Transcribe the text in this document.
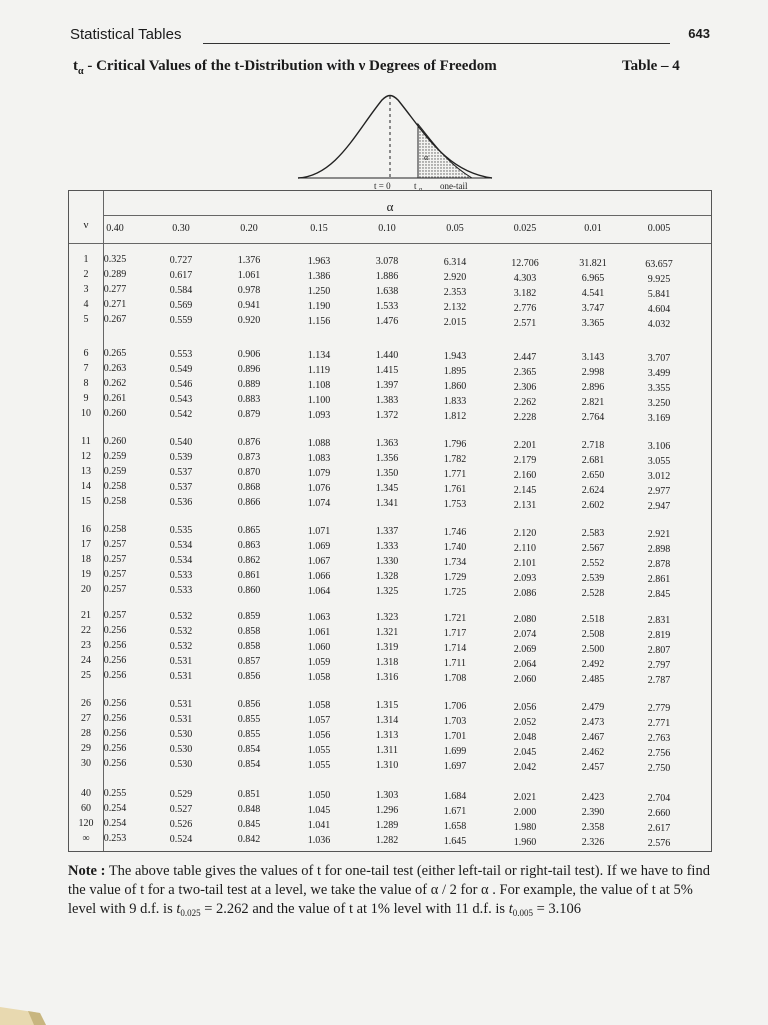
Statistical Tables	643
$t_\alpha$ - Critical Values of the t-Distribution with ν Degrees of Freedom	Table – 4
α
t = 0	t α one-tail
α
ν	0.40	0.30	0.20	0.15	0.10	0.05	0.025	0.01	0.005
1	0.325	0.727	1.376	1.963	3.078	6.314	12.706	31.821	63.657
2	0.289	0.617	1.061	1.386	1.886	2.920	4.303	6.965	9.925
3	0.277	0.584	0.978	1.250	1.638	2.353	3.182	4.541	5.841
4	0.271	0.569	0.941	1.190	1.533	2.132	2.776	3.747	4.604
5	0.267	0.559	0.920	1.156	1.476	2.015	2.571	3.365	4.032
6	0.265	0.553	0.906	1.134	1.440	1.943	2.447	3.143	3.707
7	0.263	0.549	0.896	1.119	1.415	1.895	2.365	2.998	3.499
8	0.262	0.546	0.889	1.108	1.397	1.860	2.306	2.896	3.355
9	0.261	0.543	0.883	1.100	1.383	1.833	2.262	2.821	3.250
10	0.260	0.542	0.879	1.093	1.372	1.812	2.228	2.764	3.169
11	0.260	0.540	0.876	1.088	1.363	1.796	2.201	2.718	3.106
12	0.259	0.539	0.873	1.083	1.356	1.782	2.179	2.681	3.055
13	0.259	0.537	0.870	1.079	1.350	1.771	2.160	2.650	3.012
14	0.258	0.537	0.868	1.076	1.345	1.761	2.145	2.624	2.977
15	0.258	0.536	0.866	1.074	1.341	1.753	2.131	2.602	2.947
16	0.258	0.535	0.865	1.071	1.337	1.746	2.120	2.583	2.921
17	0.257	0.534	0.863	1.069	1.333	1.740	2.110	2.567	2.898
18	0.257	0.534	0.862	1.067	1.330	1.734	2.101	2.552	2.878
19	0.257	0.533	0.861	1.066	1.328	1.729	2.093	2.539	2.861
20	0.257	0.533	0.860	1.064	1.325	1.725	2.086	2.528	2.845
21	0.257	0.532	0.859	1.063	1.323	1.721	2.080	2.518	2.831
22	0.256	0.532	0.858	1.061	1.321	1.717	2.074	2.508	2.819
23	0.256	0.532	0.858	1.060	1.319	1.714	2.069	2.500	2.807
24	0.256	0.531	0.857	1.059	1.318	1.711	2.064	2.492	2.797
25	0.256	0.531	0.856	1.058	1.316	1.708	2.060	2.485	2.787
26	0.256	0.531	0.856	1.058	1.315	1.706	2.056	2.479	2.779
27	0.256	0.531	0.855	1.057	1.314	1.703	2.052	2.473	2.771
28	0.256	0.530	0.855	1.056	1.313	1.701	2.048	2.467	2.763
29	0.256	0.530	0.854	1.055	1.311	1.699	2.045	2.462	2.756
30	0.256	0.530	0.854	1.055	1.310	1.697	2.042	2.457	2.750
40	0.255	0.529	0.851	1.050	1.303	1.684	2.021	2.423	2.704
60	0.254	0.527	0.848	1.045	1.296	1.671	2.000	2.390	2.660
120	0.254	0.526	0.845	1.041	1.289	1.658	1.980	2.358	2.617
∞	0.253	0.524	0.842	1.036	1.282	1.645	1.960	2.326	2.576
Note : The above table gives the values of t for one-tail test (either left-tail or right-tail test). If we have to find the value of t for a two-tail test at a level, we take the value of α / 2 for α . For example, the value of t at 5% level with 9 d.f. is $t_{0.025} = 2.262$ and the value of t at 1% level with 11 d.f. is $t_{0.005} = 3.106$
